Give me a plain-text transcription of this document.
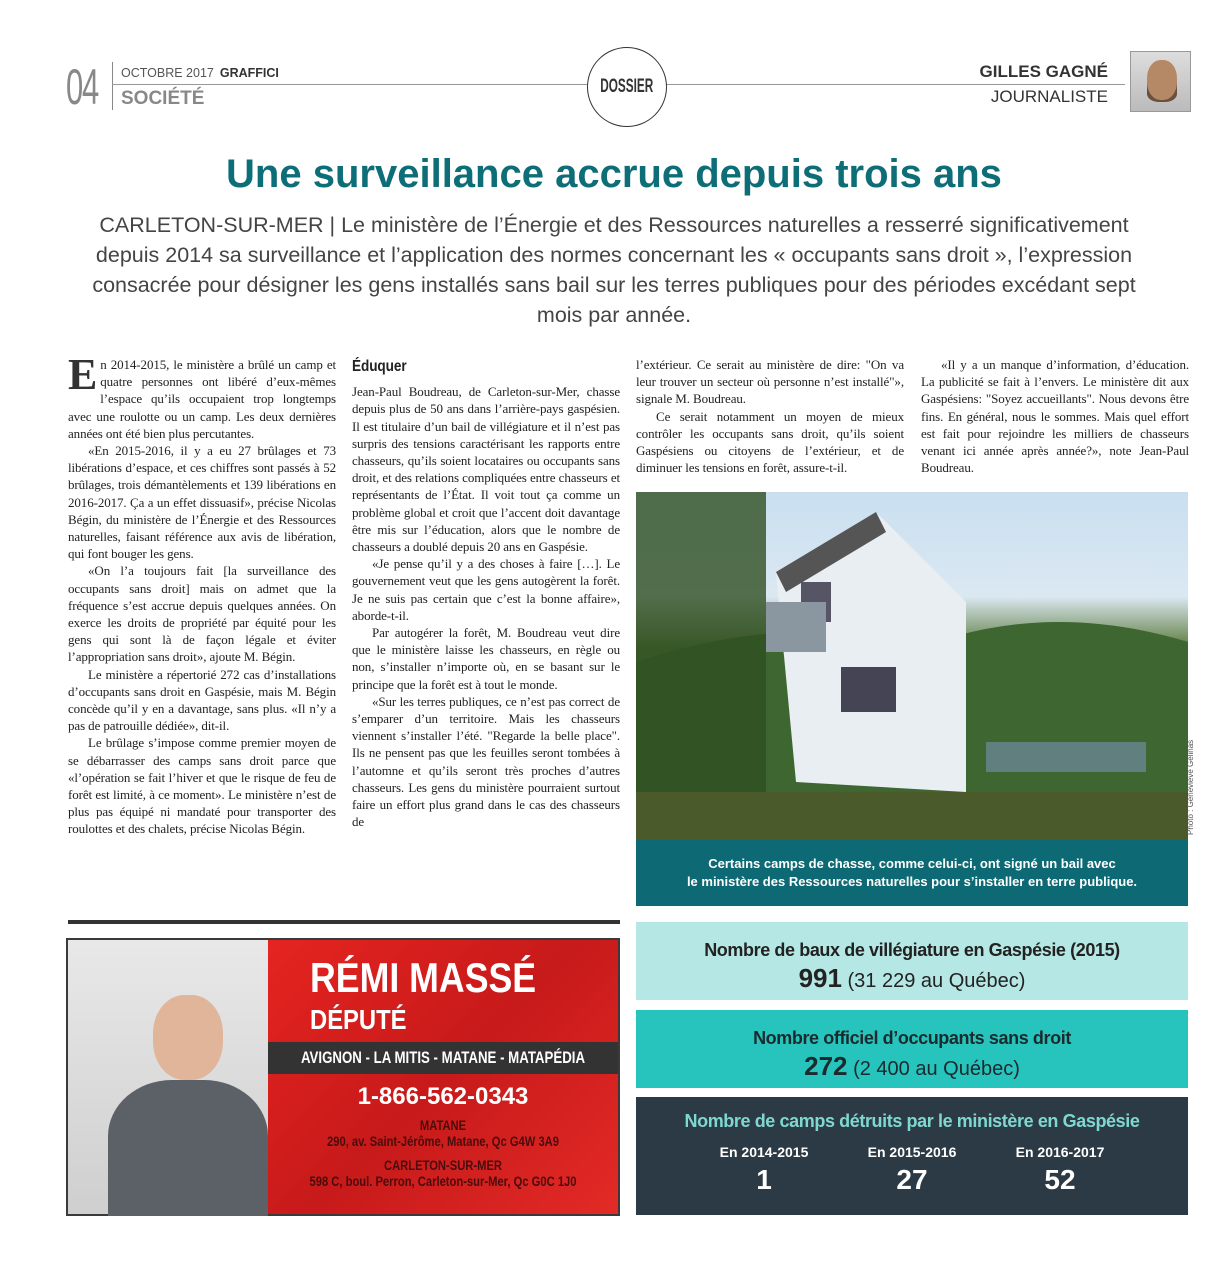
04 OCTOBRE 2017 GRAFFICI
SOCIÉTÉ
DOSSIER
GILLES GAGNÉ
JOURNALISTE
Une surveillance accrue depuis trois ans

CARLETON-SUR-MER | Le ministère de l’Énergie et des Ressources naturelles a resserré significativement depuis 2014 sa surveillance et l’application des normes concernant les « occupants sans droit », l’expression consacrée pour désigner les gens installés sans bail sur les terres publiques pour des périodes excédant sept mois par année.

En 2014-2015, le ministère a brûlé un camp et quatre personnes ont libéré d’eux-mêmes l’espace qu’ils occupaient trop longtemps avec une roulotte ou un camp. Les deux dernières années ont été bien plus percutantes.

«En 2015-2016, il y a eu 27 brûlages et 73 libérations d’espace, et ces chiffres sont passés à 52 brûlages, trois démantèlements et 139 libérations en 2016-2017. Ça a un effet dissuasif», précise Nicolas Bégin, du ministère de l’Énergie et des Ressources naturelles, faisant référence aux avis de libération, qui font bouger les gens.

«On l’a toujours fait [la surveillance des occupants sans droit] mais on admet que la fréquence s’est accrue depuis quelques années. On exerce les droits de propriété par équité pour les gens qui sont là de façon légale et éviter l’appropriation sans droit», ajoute M. Bégin.

Le ministère a répertorié 272 cas d’installations d’occupants sans droit en Gaspésie, mais M. Bégin concède qu’il y en a davantage, sans plus. «Il n’y a pas de patrouille dédiée», dit-il.

Le brûlage s’impose comme premier moyen de se débarrasser des camps sans droit parce que «l’opération se fait l’hiver et que le risque de feu de forêt est limité, à ce moment». Le ministère n’est de plus pas équipé ni mandaté pour transporter des roulottes et des chalets, précise Nicolas Bégin.

Éduquer

Jean-Paul Boudreau, de Carleton-sur-Mer, chasse depuis plus de 50 ans dans l’arrière-pays gaspésien. Il est titulaire d’un bail de villégiature et il n’est pas surpris des tensions caractérisant les rapports entre chasseurs, qu’ils soient locataires ou occupants sans droit, et des relations compliquées entre chasseurs et représentants de l’État. Il voit tout ça comme un problème global et croit que l’accent doit davantage être mis sur l’éducation, alors que le nombre de chasseurs a doublé depuis 20 ans en Gaspésie.

«Je pense qu’il y a des choses à faire […]. Le gouvernement veut que les gens autogèrent la forêt. Je ne suis pas certain que c’est la bonne affaire», aborde-t-il.

Par autogérer la forêt, M. Boudreau veut dire que le ministère laisse les chasseurs, en règle ou non, s’installer n’importe où, en se basant sur le principe que la forêt est à tout le monde.

«Sur les terres publiques, ce n’est pas correct de s’emparer d’un territoire. Mais les chasseurs viennent s’installer l’été. "Regarde la belle place". Ils ne pensent pas que les feuilles seront tombées à l’automne et qu’ils seront très proches d’autres chasseurs. Les gens du ministère pourraient surtout faire un effort plus grand dans le cas des chasseurs de

l’extérieur. Ce serait au ministère de dire: "On va leur trouver un secteur où personne n’est installé"», signale M. Boudreau.

Ce serait notamment un moyen de mieux contrôler les occupants sans droit, qu’ils soient Gaspésiens ou citoyens de l’extérieur, et de diminuer les tensions en forêt, assure-t-il.

«Il y a un manque d’information, d’éducation. La publicité se fait à l’envers. Le ministère dit aux Gaspésiens: "Soyez accueillants". Nous devons être fins. En général, nous le sommes. Mais quel effort est fait pour rejoindre les milliers de chasseurs venant ici année après année?», note Jean-Paul Boudreau.

Photo : Geneviève Gélinas
Certains camps de chasse, comme celui-ci, ont signé un bail avec
le ministère des Ressources naturelles pour s’installer en terre publique.
RÉMI MASSÉ
DÉPUTÉ
AVIGNON - LA MITIS - MATANE - MATAPÉDIA
1-866-562-0343
MATANE
290, av. Saint-Jérôme, Matane, Qc G4W 3A9
CARLETON-SUR-MER
598 C, boul. Perron, Carleton-sur-Mer, Qc G0C 1J0
Nombre de baux de villégiature en Gaspésie (2015)
991 (31 229 au Québec)
Nombre officiel d’occupants sans droit
272 (2 400 au Québec)
Nombre de camps détruits par le ministère en Gaspésie
En 2014-2015
1
En 2015-2016
27
En 2016-2017
52
